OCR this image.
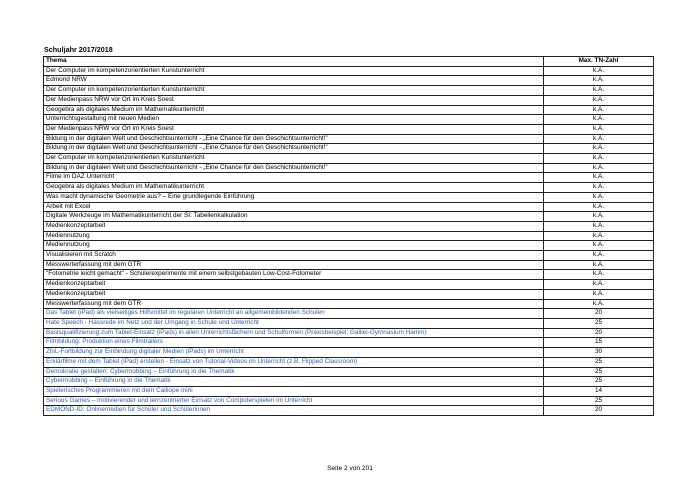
Schuljahr 2017/2018
Thema	Max. TN-Zahl
Der Computer im kompetenzorientierten Kunstunterricht	k.A.
Edmond NRW	k.A.
Der Computer im kompetenzorientierten Kunstunterricht	k.A.
Der Medienpass NRW vor Ort im Kreis Soest	k.A.
Geogebra als digitales Medium im Mathematikunterricht	k.A.
Unterrichtsgestaltung mit neuen Medien	k.A.
Der Medienpass NRW vor Ort im Kreis Soest	k.A.
Bildung in der digitalen Welt und Geschichtsunterricht - „Eine Chance für den Geschichtsunterricht!"	k.A.
Bildung in der digitalen Welt und Geschichtsunterricht - „Eine Chance für den Geschichtsunterricht!"	k.A.
Der Computer im kompetenzorientierten Kunstunterricht	k.A.
Bildung in der digitalen Welt und Geschichtsunterricht - „Eine Chance für den Geschichtsunterricht!"	k.A.
Filme im DAZ Unterricht	k.A.
Geogebra als digitales Medium im Mathematikunterricht	k.A.
Was macht dynamische Geometrie aus? – Eine grundlegende Einführung	k.A.
Arbeit mit Excel	k.A.
Digitale Werkzeuge im Mathematikunterricht der SI: Tabellenkalkulation	k.A.
Medienkonzeptarbeit	k.A.
Mediennutzung	k.A.
Mediennutzung	k.A.
Visualisieren mit Scratch	k.A.
Messwerterfassung mit dem GTR	k.A.
"Fotometrie leicht gemacht" - Schülerexperimente mit einem selbstgebauten Low-Cost-Fotometer	k.A.
Medienkonzeptarbeit	k.A.
Medienkonzeptarbeit	k.A.
Messwerterfassung mit dem GTR	k.A.
Das Tablet (iPad) als vielseitiges Hilfsmittel im regulären Unterricht an allgemeinbildenden Schulen	20
Hate Speech - Hassrede im Netz und der Umgang in Schule und Unterricht	25
Basisqualifizierung zum Tablet-Einsatz (iPads) in allen Unterrichtsfächern und Schulformen (Praxisbeispiel: Galilei-Gymnasium Hamm)	20
Filmbildung: Produktion eines Filmtrailers	15
ZfsL-Fortbildung zur Einbindung digitaler Medien (iPads) im Unterricht	30
Erklärfilme mit dem Tablet (iPad) erstellen - Einsatz von Tutorial-Videos im Unterricht (z.B. Flipped Classroom)	25
Demokratie gestalten: Cybermobbing – Einführung in die Thematik	25
Cybermobbing – Einführung in die Thematik	25
Spielerisches Programmieren mit dem Calliope mini	14
Serious Games – motivierender und lernzentrierter Einsatz von Computerspielen im Unterricht	25
EDMOND-ID: Onlinemedien für Schüler und Schülerinnen	20
Seite 2 von 201
